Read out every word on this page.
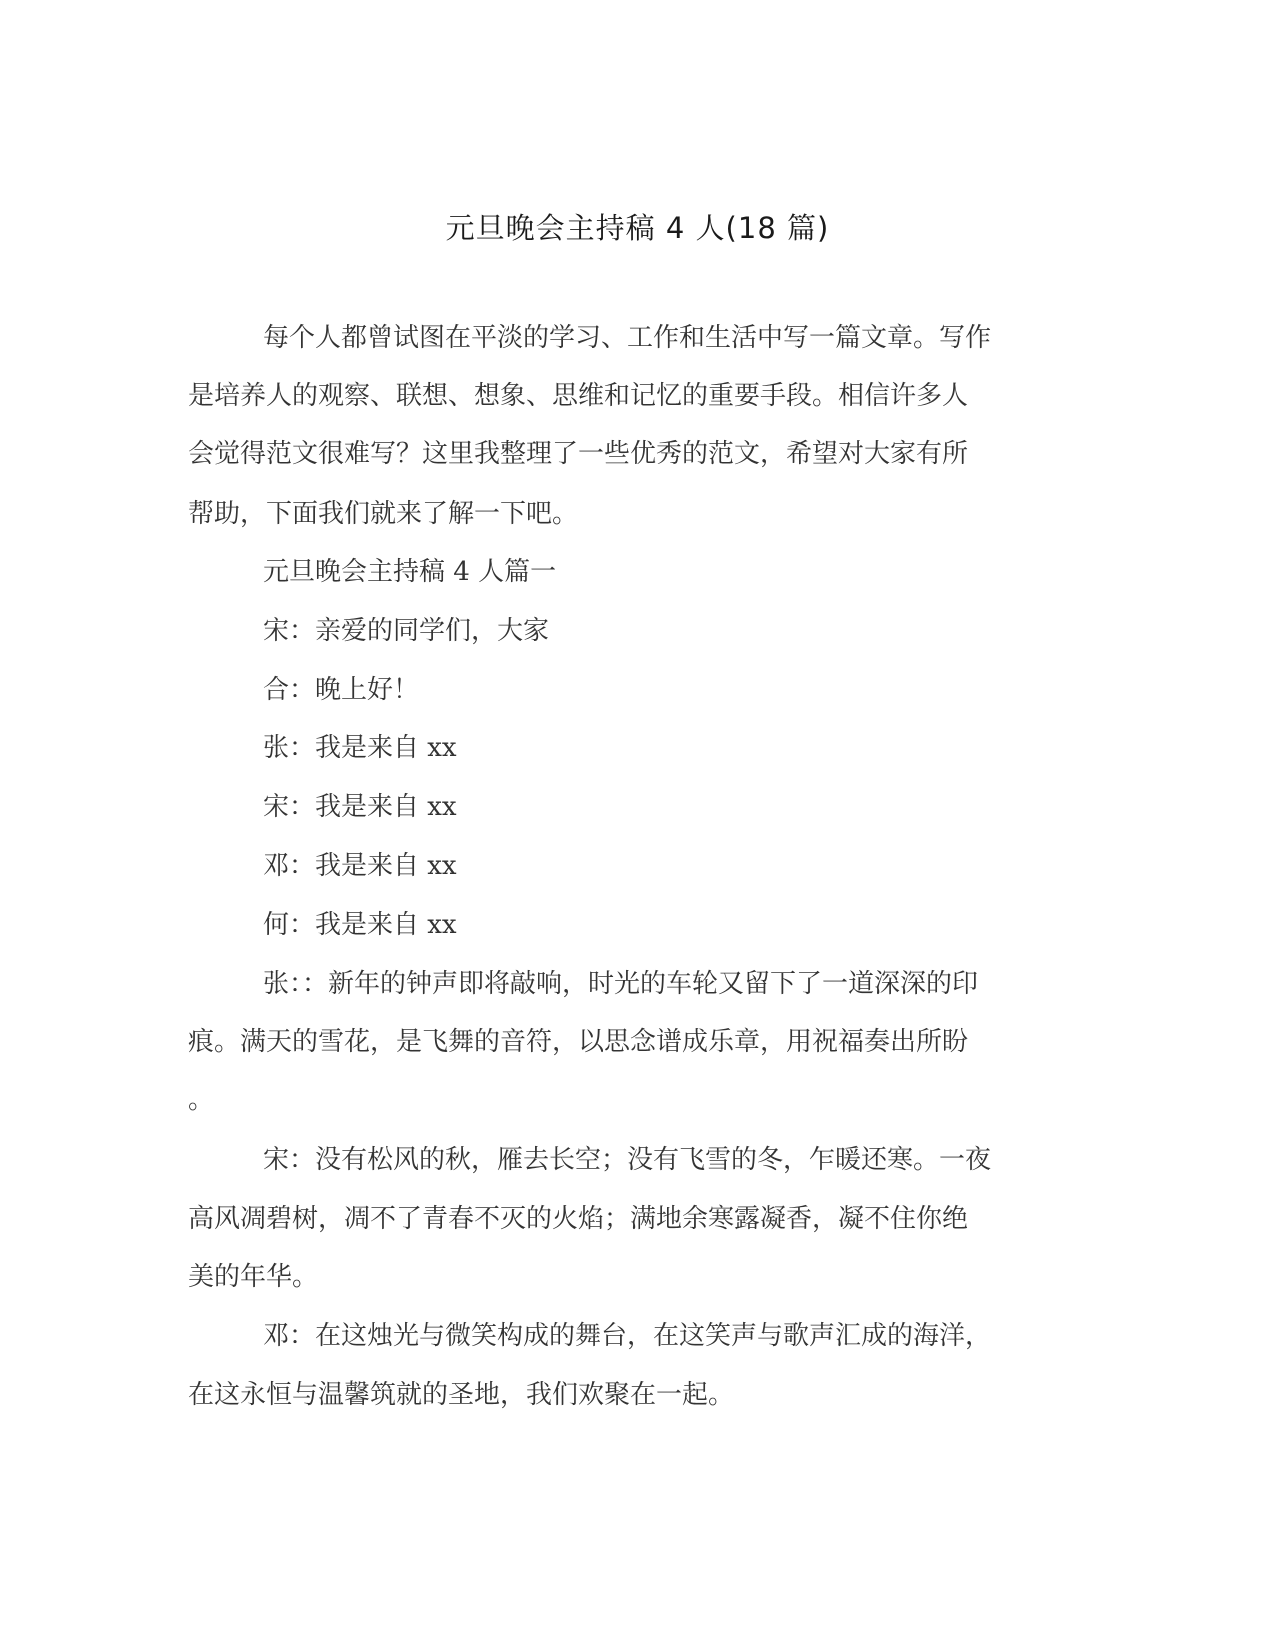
元旦晚会主持稿 4 人(18 篇)
每个人都曾试图在平淡的学习、工作和生活中写一篇文章。写作
是培养人的观察、联想、想象、思维和记忆的重要手段。相信许多人
会觉得范文很难写？这里我整理了一些优秀的范文，希望对大家有所
帮助，下面我们就来了解一下吧。
元旦晚会主持稿 4 人篇一
宋：亲爱的同学们，大家
合：晚上好！
张：我是来自 xx
宋：我是来自 xx
邓：我是来自 xx
何：我是来自 xx
张：：新年的钟声即将敲响，时光的车轮又留下了一道深深的印
痕。满天的雪花，是飞舞的音符，以思念谱成乐章，用祝福奏出所盼
。
宋：没有松风的秋，雁去长空；没有飞雪的冬，乍暖还寒。一夜
高风凋碧树，凋不了青春不灭的火焰；满地余寒露凝香，凝不住你绝
美的年华。
邓：在这烛光与微笑构成的舞台，在这笑声与歌声汇成的海洋，
在这永恒与温馨筑就的圣地，我们欢聚在一起。
